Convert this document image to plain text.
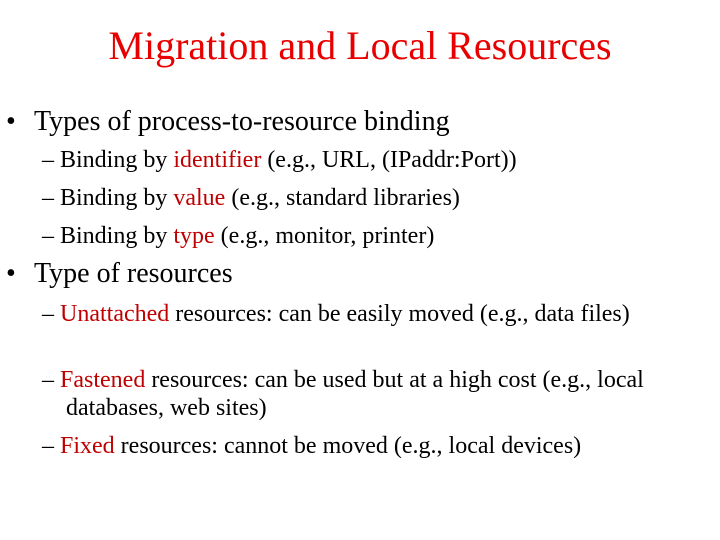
Migration and Local Resources
• Types of process-to-resource binding
– Binding by identifier (e.g., URL, (IPaddr:Port))
– Binding by value (e.g., standard libraries)
– Binding by type (e.g., monitor, printer)
• Type of resources
– Unattached resources: can be easily moved (e.g., data files)
– Fastened resources: can be used but at a high cost (e.g., local databases, web sites)
– Fixed resources: cannot be moved (e.g., local devices)
